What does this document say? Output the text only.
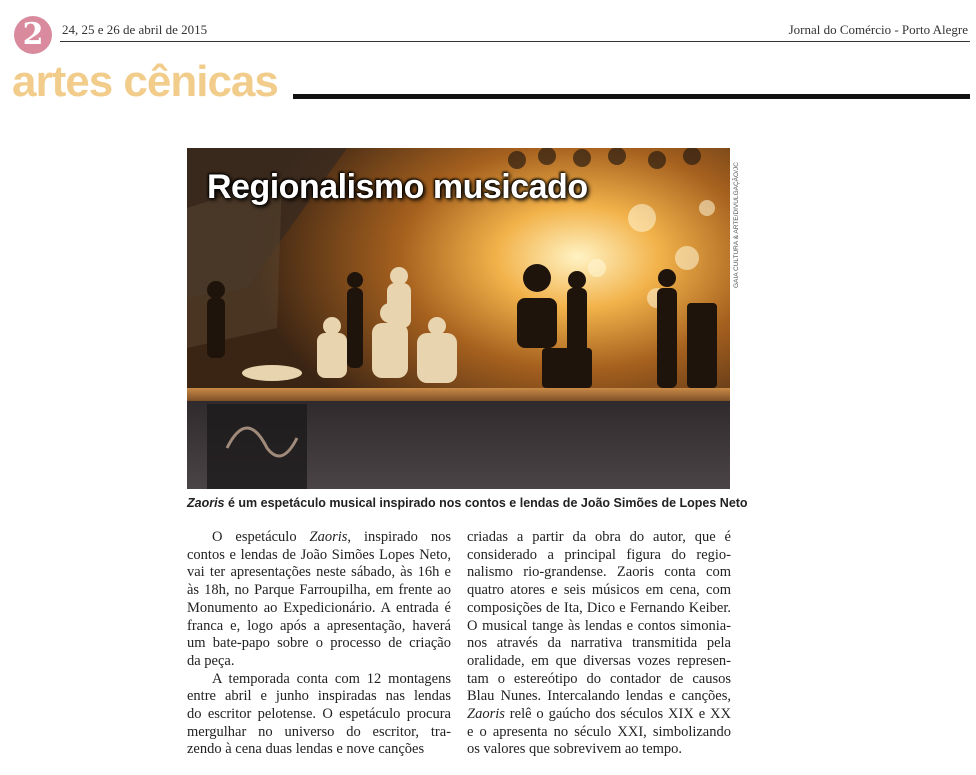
2	24, 25 e 26 de abril de 2015	Jornal do Comércio - Porto Alegre
artes cênicas
Regionalismo musicado	GAIA CULTURA & ARTE/DIVULGAÇÃO/JC
Zaoris é um espetáculo musical inspirado nos contos e lendas de João Simões de Lopes Neto
O espetáculo Zaoris, inspirado nos
contos e lendas de João Simões Lopes Neto,
vai ter apresentações neste sábado, às 16h e
às 18h, no Parque Farroupilha, em frente ao
Monumento ao Expedicionário. A entrada é
franca e, logo após a apresentação, haverá
um bate-papo sobre o processo de criação
da peça.
A temporada conta com 12 montagens
entre abril e junho inspiradas nas lendas
do escritor pelotense. O espetáculo procura
mergulhar no universo do escritor, tra-
zendo à cena duas lendas e nove canções
criadas a partir da obra do autor, que é
considerado a principal figura do regio-
nalismo rio-grandense. Zaoris conta com
quatro atores e seis músicos em cena, com
composições de Ita, Dico e Fernando Keiber.
O musical tange às lendas e contos simonia-
nos através da narrativa transmitida pela
oralidade, em que diversas vozes represen-
tam o estereótipo do contador de causos
Blau Nunes. Intercalando lendas e canções,
Zaoris relê o gaúcho dos séculos XIX e XX
e o apresenta no século XXI, simbolizando
os valores que sobrevivem ao tempo.
